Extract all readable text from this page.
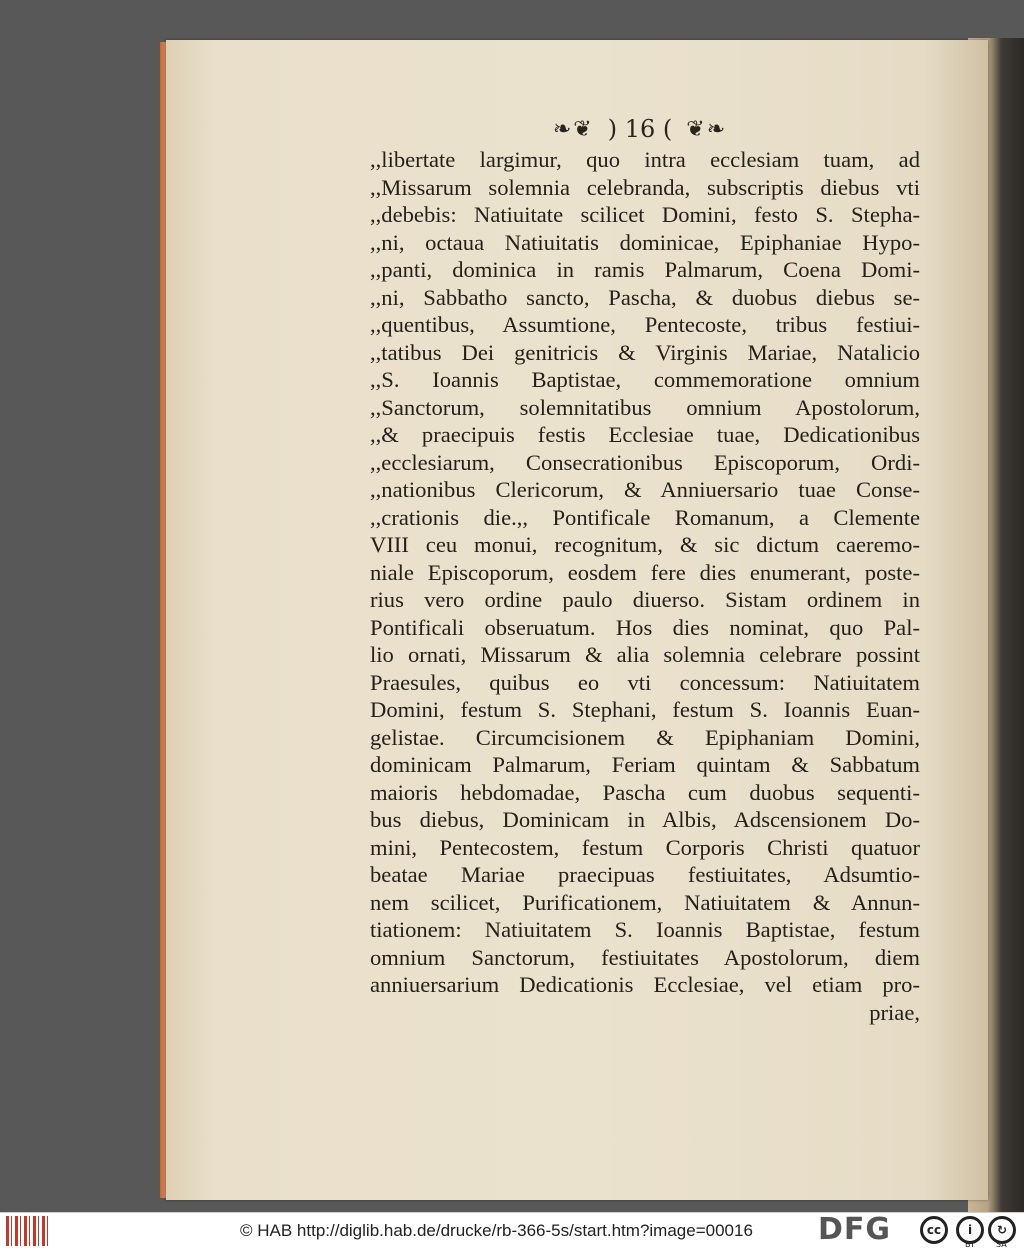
❧❦ ) 16 ( ❦❧
,,libertate largimur, quo intra ecclesiam tuam, ad
,,Missarum solemnia celebranda, subscriptis diebus vti
,,debebis: Natiuitate scilicet Domini, festo S. Stepha-
,,ni, octaua Natiuitatis dominicae, Epiphaniae Hypo-
,,panti, dominica in ramis Palmarum, Coena Domi-
,,ni, Sabbatho sancto, Pascha, & duobus diebus se-
,,quentibus, Assumtione, Pentecoste, tribus festiui-
,,tatibus Dei genitricis & Virginis Mariae, Natalicio
,,S. Ioannis Baptistae, commemoratione omnium
,,Sanctorum, solemnitatibus omnium Apostolorum,
,,& praecipuis festis Ecclesiae tuae, Dedicationibus
,,ecclesiarum, Consecrationibus Episcoporum, Ordi-
,,nationibus Clericorum, & Anniuersario tuae Conse-
,,crationis die.,, Pontificale Romanum, a Clemente
VIII ceu monui, recognitum, & sic dictum caeremo-
niale Episcoporum, eosdem fere dies enumerant, poste-
rius vero ordine paulo diuerso. Sistam ordinem in
Pontificali obseruatum. Hos dies nominat, quo Pal-
lio ornati, Missarum & alia solemnia celebrare possint
Praesules, quibus eo vti concessum: Natiuitatem
Domini, festum S. Stephani, festum S. Ioannis Euan-
gelistae. Circumcisionem & Epiphaniam Domini,
dominicam Palmarum, Feriam quintam & Sabbatum
maioris hebdomadae, Pascha cum duobus sequenti-
bus diebus, Dominicam in Albis, Adscensionem Do-
mini, Pentecostem, festum Corporis Christi quatuor
beatae Mariae praecipuas festiuitates, Adsumtio-
nem scilicet, Purificationem, Natiuitatem & Annun-
tiationem: Natiuitatem S. Ioannis Baptistae, festum
omnium Sanctorum, festiuitates Apostolorum, diem
anniuersarium Dedicationis Ecclesiae, vel etiam pro-
priae,
© HAB http://diglib.hab.de/drucke/rb-366-5s/start.htm?image=00016 DFG	cc	i
BY
↻
SA
